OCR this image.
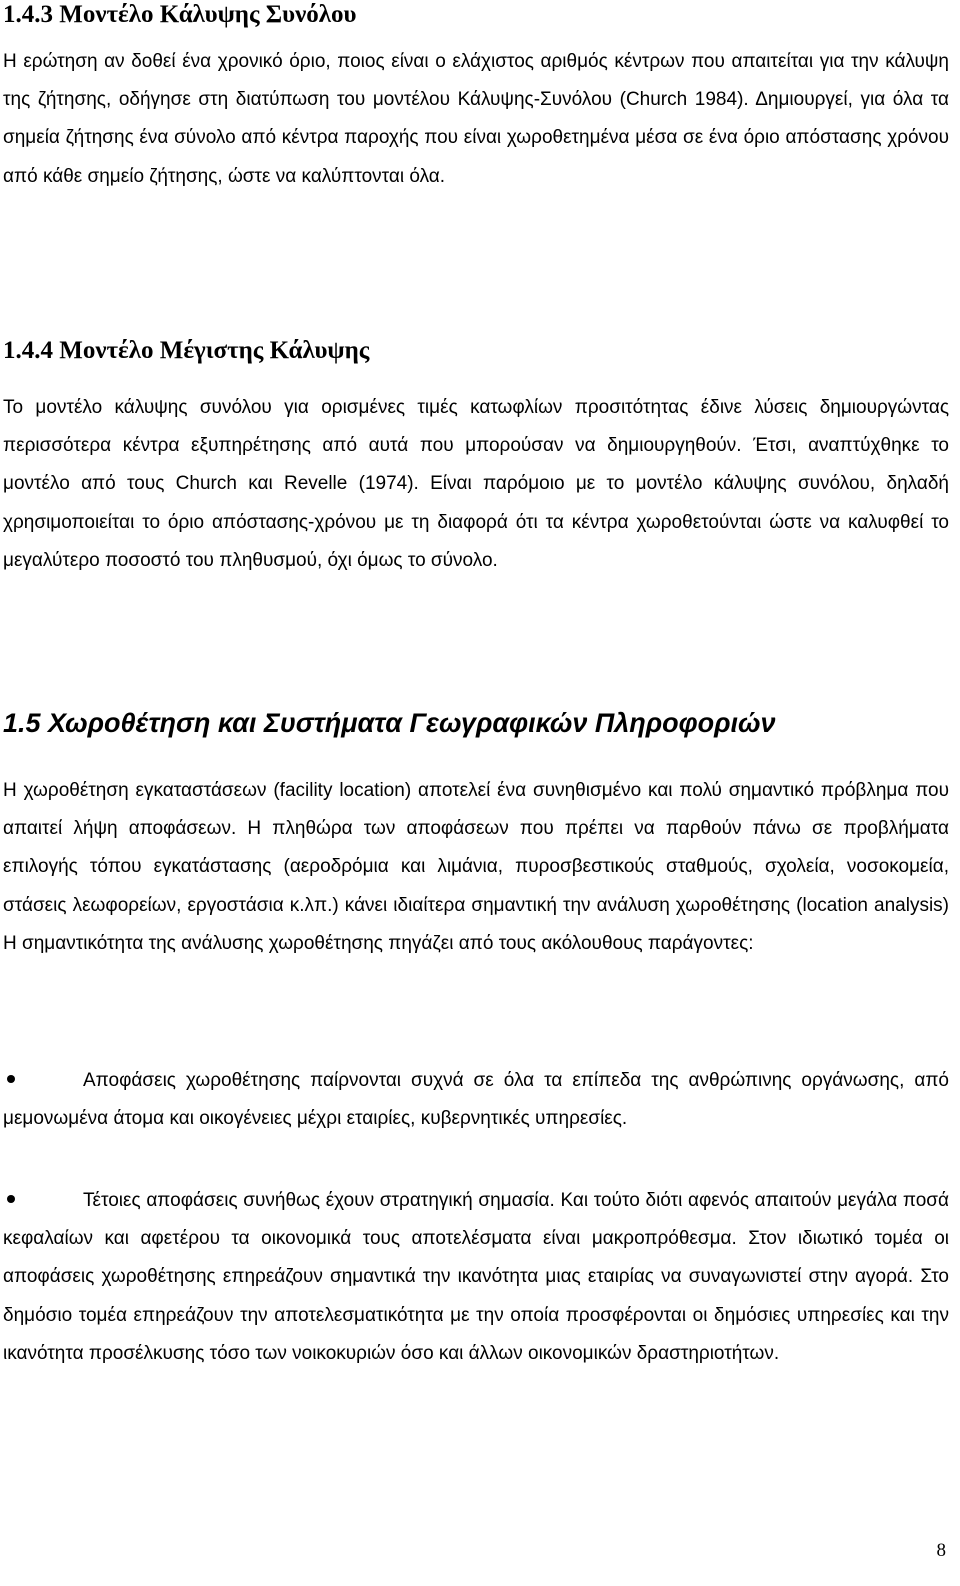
1.4.3 Μοντέλο Κάλυψης Συνόλου

Η ερώτηση αν δοθεί ένα χρονικό όριο, ποιος είναι ο ελάχιστος αριθμός κέντρων που απαιτείται για την κάλυψη της ζήτησης, οδήγησε στη διατύπωση του μοντέλου Κάλυψης-Συνόλου (Church 1984). Δημιουργεί, για όλα τα σημεία ζήτησης ένα σύνολο από κέντρα παροχής που είναι χωροθετημένα μέσα σε ένα όριο απόστασης χρόνου από κάθε σημείο ζήτησης, ώστε να καλύπτονται όλα.

1.4.4 Μοντέλο Μέγιστης Κάλυψης

Το μοντέλο κάλυψης συνόλου για ορισμένες τιμές κατωφλίων προσιτότητας έδινε λύσεις δημιουργώντας περισσότερα κέντρα εξυπηρέτησης από αυτά που μπορούσαν να δημιουργηθούν. Έτσι, αναπτύχθηκε το μοντέλο από τους Church και Revelle (1974). Είναι παρόμοιο με το μοντέλο κάλυψης συνόλου, δηλαδή χρησιμοποιείται το όριο απόστασης-χρόνου με τη διαφορά ότι τα κέντρα χωροθετούνται ώστε να καλυφθεί το μεγαλύτερο ποσοστό του πληθυσμού, όχι όμως το σύνολο.

1.5 Χωροθέτηση και Συστήματα Γεωγραφικών Πληροφοριών

Η χωροθέτηση εγκαταστάσεων (facility location) αποτελεί ένα συνηθισμένο και πολύ σημαντικό πρόβλημα που απαιτεί λήψη αποφάσεων. Η πληθώρα των αποφάσεων που πρέπει να παρθούν πάνω σε προβλήματα επιλογής τόπου εγκατάστασης (αεροδρόμια και λιμάνια, πυροσβεστικούς σταθμούς, σχολεία, νοσοκομεία, στάσεις λεωφορείων, εργοστάσια κ.λπ.) κάνει ιδιαίτερα σημαντική την ανάλυση χωροθέτησης (location analysis) Η σημαντικότητα της ανάλυσης χωροθέτησης πηγάζει από τους ακόλουθους παράγοντες:

Αποφάσεις χωροθέτησης παίρνονται συχνά σε όλα τα επίπεδα της ανθρώπινης οργάνωσης, από μεμονωμένα άτομα και οικογένειες μέχρι εταιρίες, κυβερνητικές υπηρεσίες.

Τέτοιες αποφάσεις συνήθως έχουν στρατηγική σημασία. Και τούτο διότι αφενός απαιτούν μεγάλα ποσά κεφαλαίων και αφετέρου τα οικονομικά τους αποτελέσματα είναι μακροπρόθεσμα. Στον ιδιωτικό τομέα οι αποφάσεις χωροθέτησης επηρεάζουν σημαντικά την ικανότητα μιας εταιρίας να συναγωνιστεί στην αγορά. Στο δημόσιο τομέα επηρεάζουν την αποτελεσματικότητα με την οποία προσφέρονται οι δημόσιες υπηρεσίες και την ικανότητα προσέλκυσης τόσο των νοικοκυριών όσο και άλλων οικονομικών δραστηριοτήτων.

8
